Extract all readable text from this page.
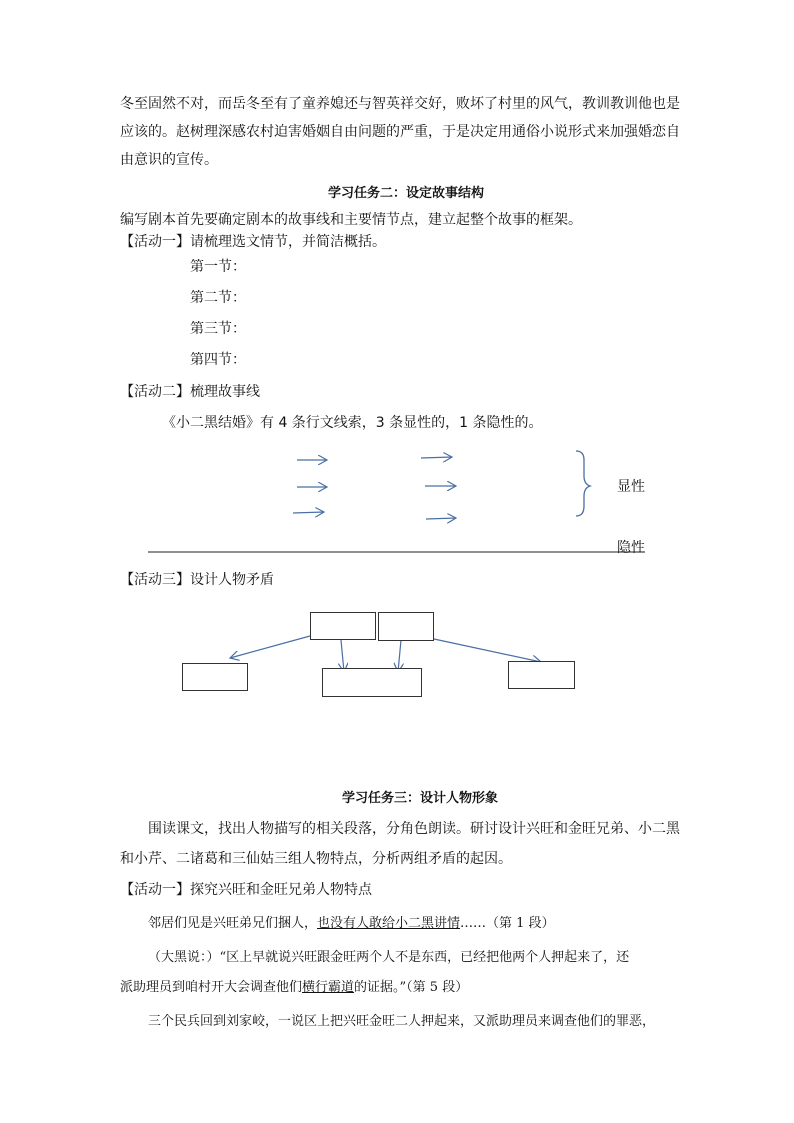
冬至固然不对，而岳冬至有了童养媳还与智英祥交好，败坏了村里的风气，教训教训他也是
应该的。赵树理深感农村迫害婚姻自由问题的严重，于是决定用通俗小说形式来加强婚恋自
由意识的宣传。
学习任务二：设定故事结构
编写剧本首先要确定剧本的故事线和主要情节点，建立起整个故事的框架。
【活动一】请梳理选文情节，并简洁概括。
第一节：
第二节：
第三节：
第四节：
【活动二】梳理故事线
《小二黑结婚》有 4 条行文线索，3 条显性的，1 条隐性的。
显性
隐性
【活动三】设计人物矛盾
学习任务三：设计人物形象
围读课文，找出人物描写的相关段落，分角色朗读。研讨设计兴旺和金旺兄弟、小二黑
和小芹、二诸葛和三仙姑三组人物特点，分析两组矛盾的起因。
【活动一】探究兴旺和金旺兄弟人物特点
邻居们见是兴旺弟兄们捆人，也没有人敢给小二黑讲情……（第 1 段）
（大黑说：）“区上早就说兴旺跟金旺两个人不是东西，已经把他两个人押起来了，还
派助理员到咱村开大会调查他们横行霸道的证据。”（第 5 段）
三个民兵回到刘家峧，一说区上把兴旺金旺二人押起来，又派助理员来调查他们的罪恶，
